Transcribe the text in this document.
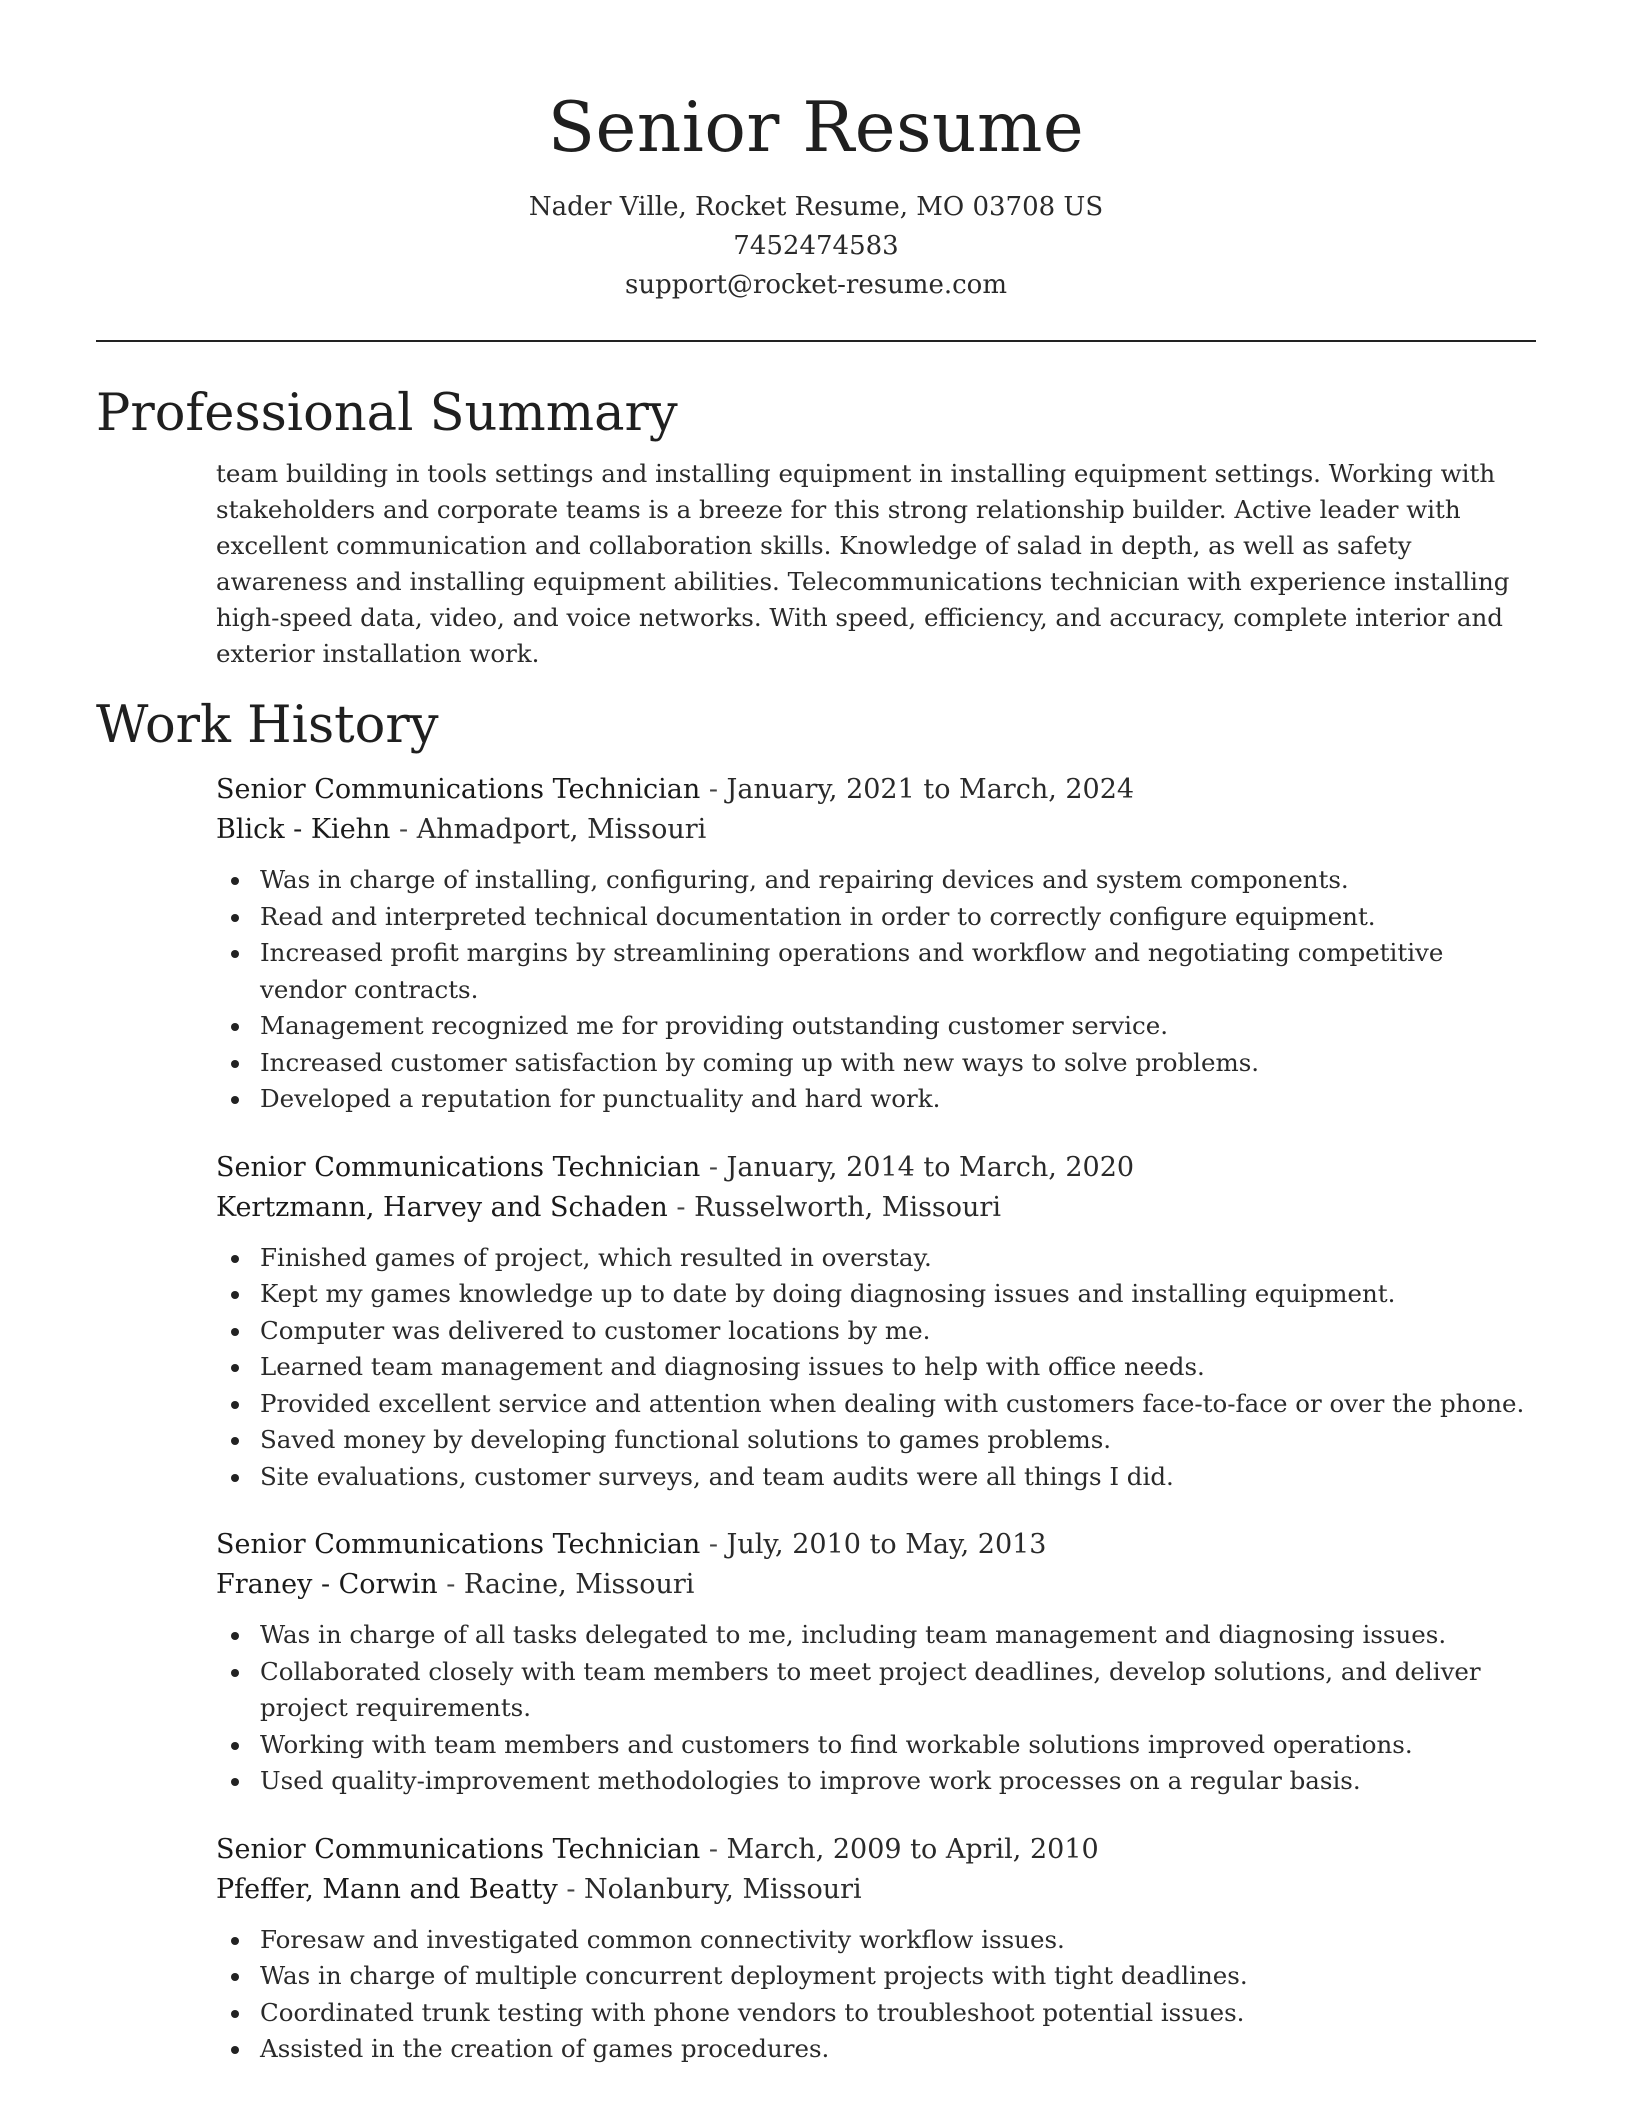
Senior Resume
Nader Ville, Rocket Resume, MO 03708 US
7452474583
support@rocket-resume.com
Professional Summary
team building in tools settings and installing equipment in installing equipment settings. Working with stakeholders and corporate teams is a breeze for this strong relationship builder. Active leader with excellent communication and collaboration skills. Knowledge of salad in depth, as well as safety awareness and installing equipment abilities. Telecommunications technician with experience installing high-speed data, video, and voice networks. With speed, efficiency, and accuracy, complete interior and exterior installation work.
Work History
Senior Communications Technician - January, 2021 to March, 2024
Blick - Kiehn - Ahmadport, Missouri
Was in charge of installing, configuring, and repairing devices and system components.
Read and interpreted technical documentation in order to correctly configure equipment.
Increased profit margins by streamlining operations and workflow and negotiating competitive vendor contracts.
Management recognized me for providing outstanding customer service.
Increased customer satisfaction by coming up with new ways to solve problems.
Developed a reputation for punctuality and hard work.
Senior Communications Technician - January, 2014 to March, 2020
Kertzmann, Harvey and Schaden - Russelworth, Missouri
Finished games of project, which resulted in overstay.
Kept my games knowledge up to date by doing diagnosing issues and installing equipment.
Computer was delivered to customer locations by me.
Learned team management and diagnosing issues to help with office needs.
Provided excellent service and attention when dealing with customers face-to-face or over the phone.
Saved money by developing functional solutions to games problems.
Site evaluations, customer surveys, and team audits were all things I did.
Senior Communications Technician - July, 2010 to May, 2013
Franey - Corwin - Racine, Missouri
Was in charge of all tasks delegated to me, including team management and diagnosing issues.
Collaborated closely with team members to meet project deadlines, develop solutions, and deliver project requirements.
Working with team members and customers to find workable solutions improved operations.
Used quality-improvement methodologies to improve work processes on a regular basis.
Senior Communications Technician - March, 2009 to April, 2010
Pfeffer, Mann and Beatty - Nolanbury, Missouri
Foresaw and investigated common connectivity workflow issues.
Was in charge of multiple concurrent deployment projects with tight deadlines.
Coordinated trunk testing with phone vendors to troubleshoot potential issues.
Assisted in the creation of games procedures.
